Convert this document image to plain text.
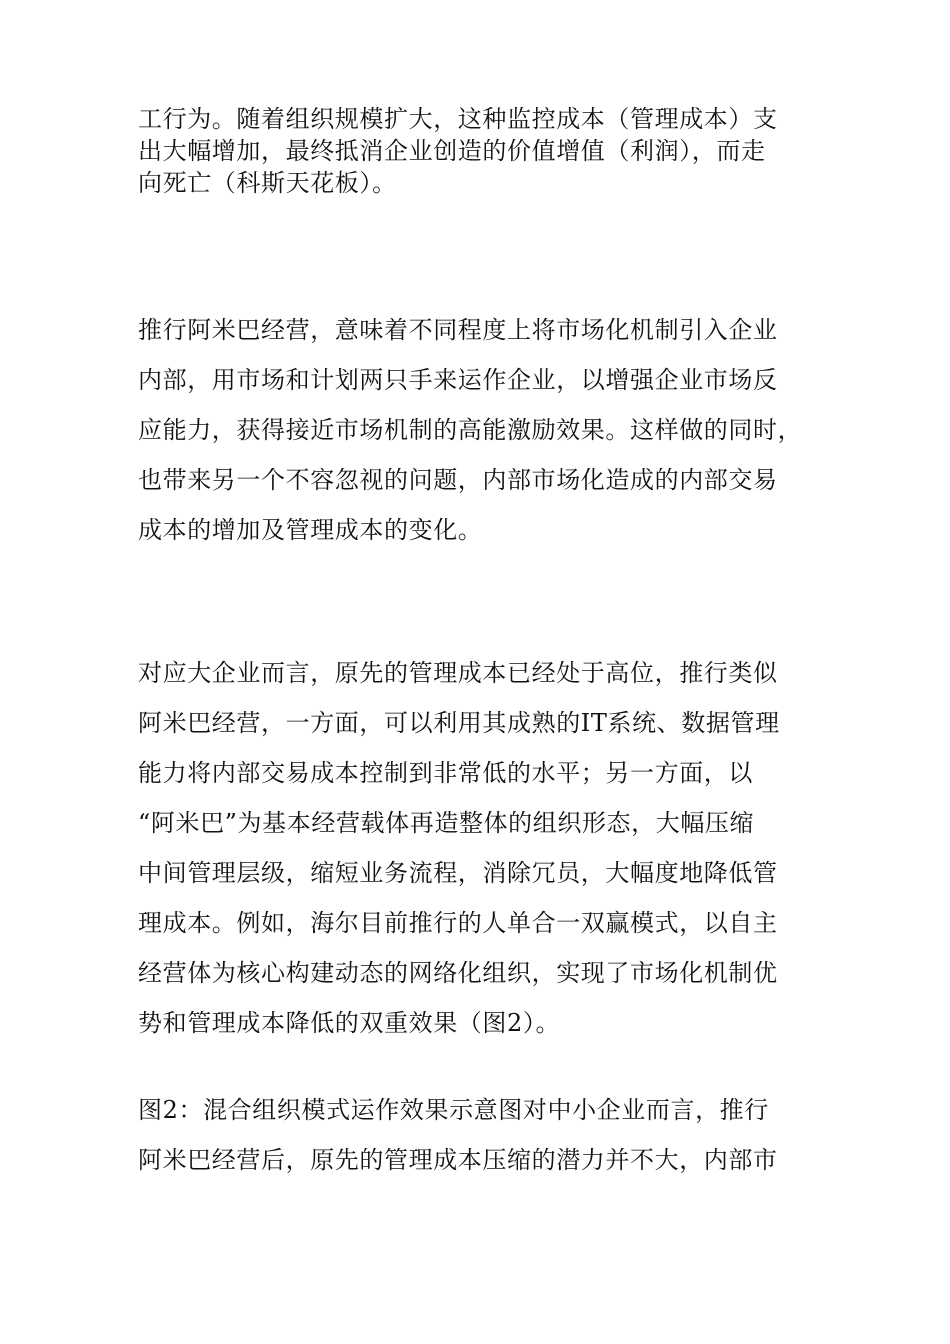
工行为。随着组织规模扩大，这种监控成本（管理成本）支
出大幅增加，最终抵消企业创造的价值增值（利润），而走
向死亡（科斯天花板）。
推行阿米巴经营，意味着不同程度上将市场化机制引入企业
内部，用市场和计划两只手来运作企业，以增强企业市场反
应能力，获得接近市场机制的高能激励效果。这样做的同时，
也带来另一个不容忽视的问题，内部市场化造成的内部交易
成本的增加及管理成本的变化。
对应大企业而言，原先的管理成本已经处于高位，推行类似
阿米巴经营，一方面，可以利用其成熟的IT系统、数据管理
能力将内部交易成本控制到非常低的水平；另一方面，以
“阿米巴”为基本经营载体再造整体的组织形态，大幅压缩
中间管理层级，缩短业务流程，消除冗员，大幅度地降低管
理成本。例如，海尔目前推行的人单合一双赢模式，以自主
经营体为核心构建动态的网络化组织，实现了市场化机制优
势和管理成本降低的双重效果（图2）。
图2：混合组织模式运作效果示意图对中小企业而言，推行
阿米巴经营后，原先的管理成本压缩的潜力并不大，内部市
